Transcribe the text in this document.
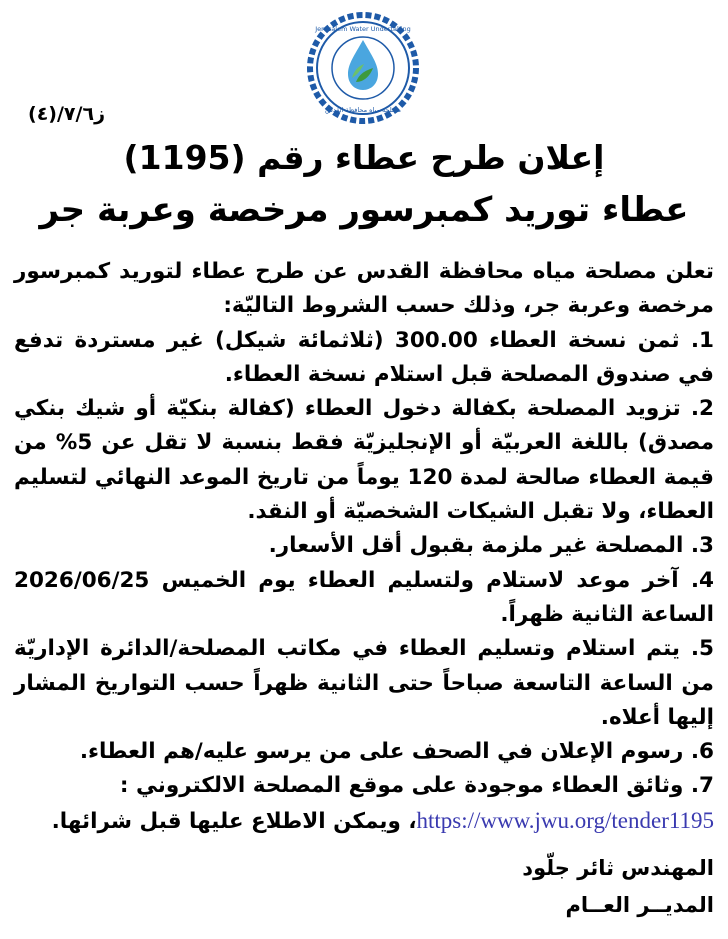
Jerusalem Water Undertaking
مصلحة مياه محافظة القدس
ز٧/٦/(٤)
إعلان طرح عطاء رقم (1195)
عطاء توريد كمبرسور مرخصة وعربة جر

تعلن مصلحة مياه محافظة القدس عن طرح عطاء لتوريد كمبرسور مرخصة وعربة جر، وذلك حسب الشروط التاليّة:

1. ثمن نسخة العطاء 300.00 (ثلاثمائة شيكل) غير مستردة تدفع في صندوق المصلحة قبل استلام نسخة العطاء.

2. تزويد المصلحة بكفالة دخول العطاء (كفالة بنكيّة أو شيك بنكي مصدق) باللغة العربيّة أو الإنجليزيّة فقط بنسبة لا تقل عن 5% من قيمة العطاء صالحة لمدة 120 يوماً من تاريخ الموعد النهائي لتسليم العطاء، ولا تقبل الشيكات الشخصيّة أو النقد.

3. المصلحة غير ملزمة بقبول أقل الأسعار.

4. آخر موعد لاستلام ولتسليم العطاء يوم الخميس 2026/06/25 الساعة الثانية ظهراً.

5. يتم استلام وتسليم العطاء في مكاتب المصلحة/الدائرة الإداريّة من الساعة التاسعة صباحاً حتى الثانية ظهراً حسب التواريخ المشار إليها أعلاه.

6. رسوم الإعلان في الصحف على من يرسو عليه/هم العطاء.

7. وثائق العطاء موجودة على موقع المصلحة الالكتروني :

https://www.jwu.org/tender1195، ويمكن الاطلاع عليها قبل شرائها.

المهندس ثائر جلّود
المديــر العــام
